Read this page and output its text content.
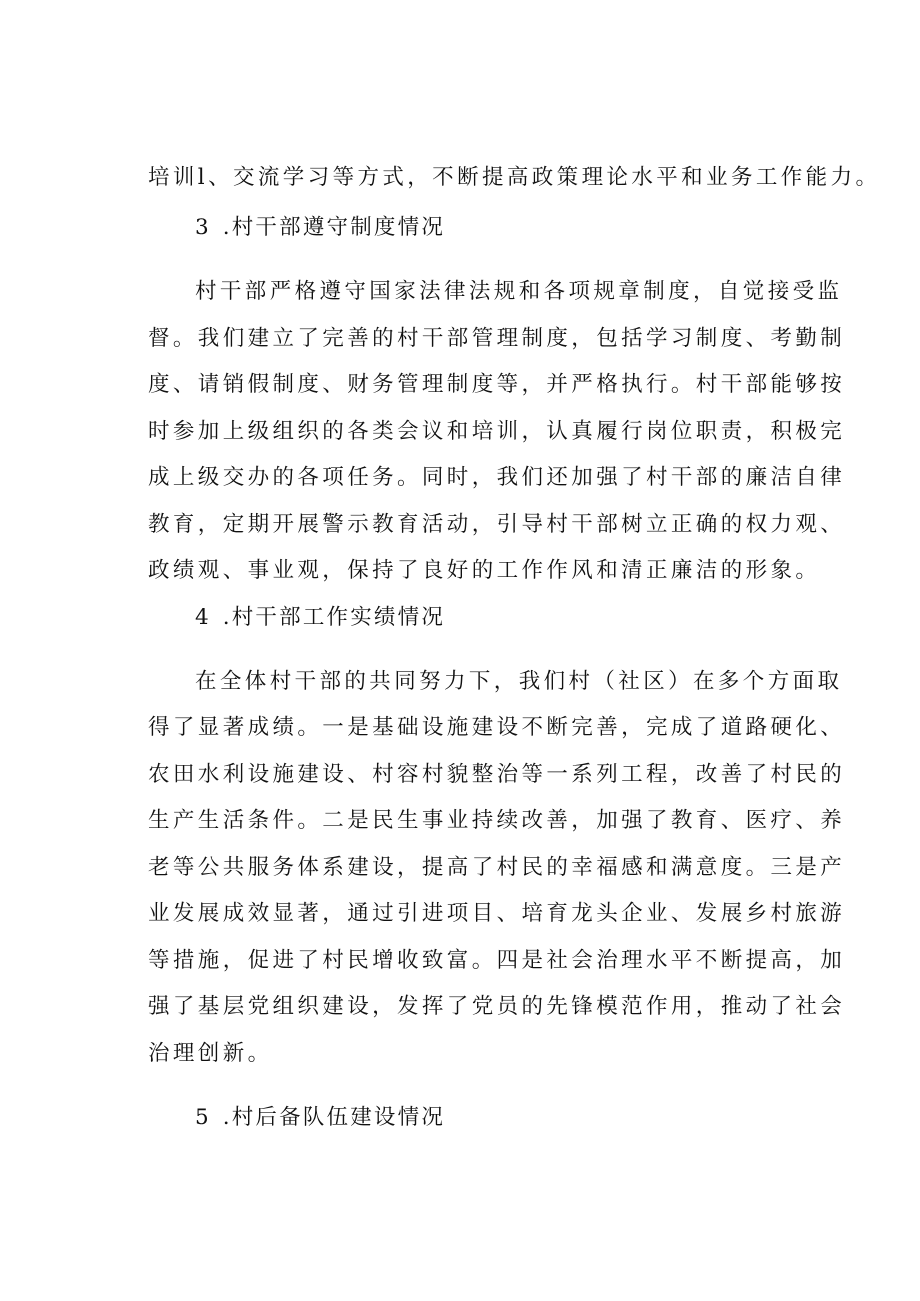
培训l、交流学习等方式，不断提高政策理论水平和业务工作能力。
3 .村干部遵守制度情况
村干部严格遵守国家法律法规和各项规章制度，自觉接受监
督。我们建立了完善的村干部管理制度，包括学习制度、考勤制
度、请销假制度、财务管理制度等，并严格执行。村干部能够按
时参加上级组织的各类会议和培训，认真履行岗位职责，积极完
成上级交办的各项任务。同时，我们还加强了村干部的廉洁自律
教育，定期开展警示教育活动，引导村干部树立正确的权力观、
政绩观、事业观，保持了良好的工作作风和清正廉洁的形象。
4 .村干部工作实绩情况
在全体村干部的共同努力下，我们村（社区）在多个方面取
得了显著成绩。一是基础设施建设不断完善，完成了道路硬化、
农田水利设施建设、村容村貌整治等一系列工程，改善了村民的
生产生活条件。二是民生事业持续改善，加强了教育、医疗、养
老等公共服务体系建设，提高了村民的幸福感和满意度。三是产
业发展成效显著，通过引进项目、培育龙头企业、发展乡村旅游
等措施，促进了村民增收致富。四是社会治理水平不断提高，加
强了基层党组织建设，发挥了党员的先锋模范作用，推动了社会
治理创新。
5 .村后备队伍建设情况
